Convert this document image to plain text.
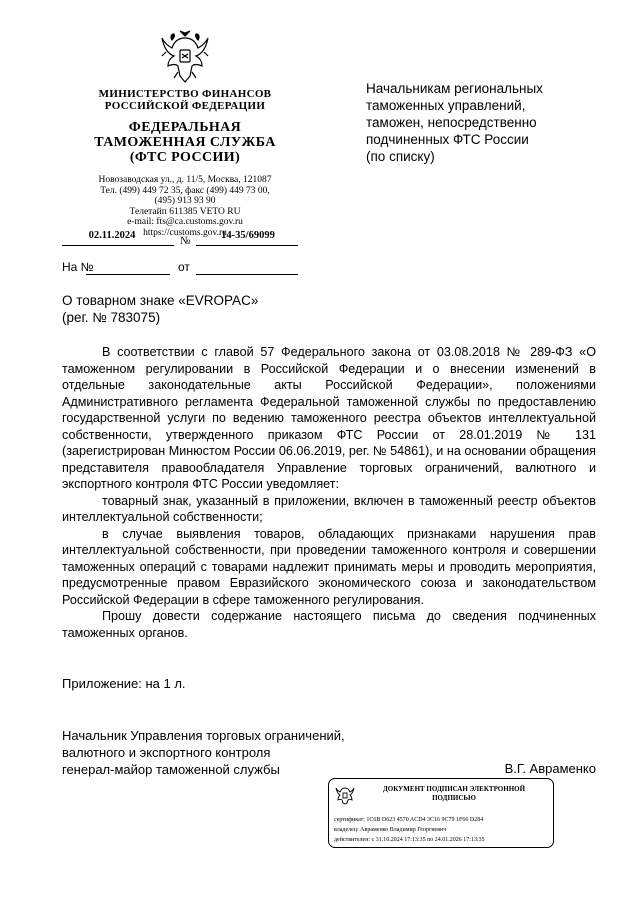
МИНИСТЕРСТВО ФИНАНСОВ
РОССИЙСКОЙ ФЕДЕРАЦИИ
ФЕДЕРАЛЬНАЯ
ТАМОЖЕННАЯ СЛУЖБА
(ФТС РОССИИ)
Новозаводская ул., д. 11/5, Москва, 121087
Тел. (499) 449 72 35, факс (499) 449 73 00,
(495) 913 93 90
Телетайп 611385 VETO RU
e-mail: fts@ca.customs.gov.ru
https://customs.gov.ru
02.11.2024	№	14-35/69099
На №	от
Начальникам региональных
таможенных управлений,
таможен, непосредственно
подчиненных ФТС России
(по списку)
О товарном знаке «EVROPAC»
(рег. № 783075)

В соответствии с главой 57 Федерального закона от 03.08.2018 № 289-ФЗ «О таможенном регулировании в Российской Федерации и о внесении изменений в отдельные законодательные акты Российской Федерации», положениями Административного регламента Федеральной таможенной службы по предоставлению государственной услуги по ведению таможенного реестра объектов интеллектуальной собственности, утвержденного приказом ФТС России от 28.01.2019 № 131 (зарегистрирован Минюстом России 06.06.2019, рег. № 54861), и на основании обращения представителя правообладателя Управление торговых ограничений, валютного и экспортного контроля ФТС России уведомляет:

товарный знак, указанный в приложении, включен в таможенный реестр объектов интеллектуальной собственности;

в случае выявления товаров, обладающих признаками нарушения прав интеллектуальной собственности, при проведении таможенного контроля и совершении таможенных операций с товарами надлежит принимать меры и проводить мероприятия, предусмотренные правом Евразийского экономического союза и законодательством Российской Федерации в сфере таможенного регулирования.

Прошу довести содержание настоящего письма до сведения подчиненных таможенных органов.

Приложение: на 1 л.
Начальник Управления торговых ограничений,
валютного и экспортного контроля
генерал-майор таможенной службы	В.Г. Авраменко
ДОКУМЕНТ ПОДПИСАН ЭЛЕКТРОННОЙ
ПОДПИСЬЮ
сертификат: 1C6B D623 4570 ACD4 3C16 9C79 1F66 D284
владелец: Авраменко Владимир Георгиевич
действителен: с 31.10.2024 17:13:35 по 24.01.2026 17:13:35
